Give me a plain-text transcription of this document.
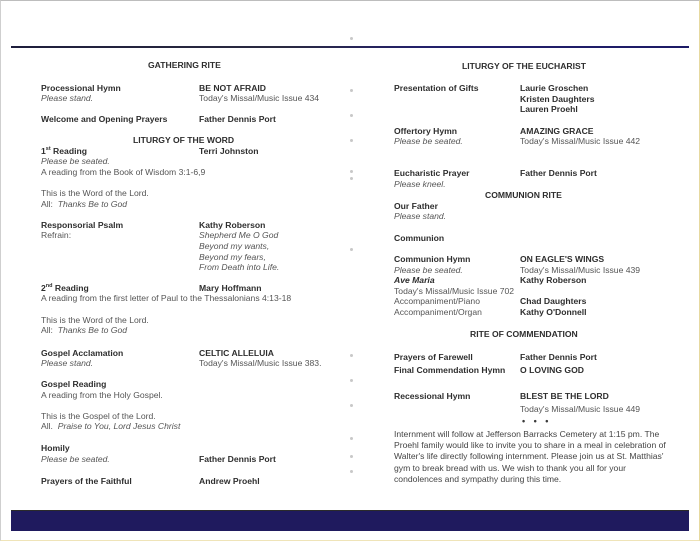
GATHERING RITE
Processional Hymn	BE NOT AFRAID
Please stand.	Today's Missal/Music Issue 434
Welcome and Opening Prayers	Father Dennis Port
LITURGY OF THE WORD
1st Reading	Terri Johnston
Please be seated.
A reading from the Book of Wisdom 3:1-6,9
This is the Word of the Lord.
All: Thanks Be to God
Responsorial Psalm	Kathy Roberson
Refrain:	Shepherd Me O God
Beyond my wants,
Beyond my fears,
From Death into Life.
2nd Reading	Mary Hoffmann
A reading from the first letter of Paul to the Thessalonians 4:13-18
This is the Word of the Lord.
All: Thanks Be to God
Gospel Acclamation	CELTIC ALLELUIA
Please stand.	Today's Missal/Music Issue 383.
Gospel Reading
A reading from the Holy Gospel.
This is the Gospel of the Lord.
All. Praise to You, Lord Jesus Christ
Homily
Please be seated.	Father Dennis Port
Prayers of the Faithful	Andrew Proehl
LITURGY OF THE EUCHARIST
Presentation of Gifts	Laurie Groschen
Kristen Daughters
Lauren Proehl
Offertory Hymn	AMAZING GRACE
Please be seated.	Today's Missal/Music Issue 442
Eucharistic Prayer	Father Dennis Port
Please kneel.
COMMUNION RITE
Our Father
Please stand.
Communion
Communion Hymn	ON EAGLE'S WINGS
Please be seated.	Today's Missal/Music Issue 439
Ave Maria	Kathy Roberson
Today's Missal/Music Issue 702
Accompaniment/Piano	Chad Daughters
Accompaniment/Organ	Kathy O'Donnell
RITE OF COMMENDATION
Prayers of Farewell	Father Dennis Port
Final Commendation Hymn O LOVING GOD
Recessional Hymn	BLEST BE THE LORD
Today's Missal/Music Issue 449
• • •
Internment will follow at Jefferson Barracks Cemetery at 1:15 pm. The Proehl family would like to invite you to share in a meal in celebration of Walter's life directly following internment. Please join us at St. Matthias' gym to break bread with us. We wish to thank you all for your condolences and sympathy during this time.
